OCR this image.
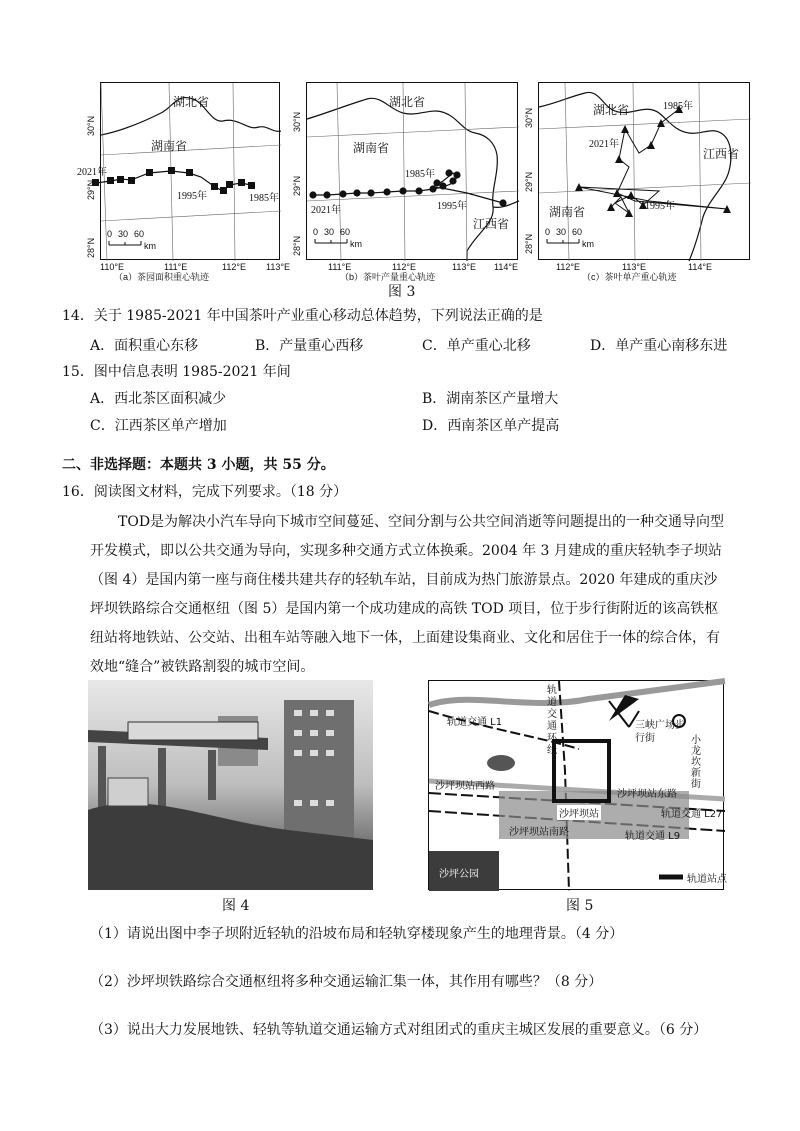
湖北省
湖南省
2021年
1995年	1985年
0 30 60
km
30°N
29°N
28°N
110°E	111°E	112°E 113°E
（a）茶园面积重心轨迹
湖北省
湖南省
江西省
1985年
2021年	1995年
0 30 60
km
30°N
29°N
28°N
111°E	112°E	113°E 114°E
（b）茶叶产量重心轨迹
湖北省
江西省
湖南省
1985年
2021年
1995年
0 30 60
km
30°N
29°N
28°N
112°E	113°E	114°E
（c）茶叶单产重心轨迹
图 3
14．关于 1985-2021 年中国茶叶产业重心移动总体趋势，下列说法正确的是
A．面积重心东移	B．产量重心西移	C．单产重心北移	D．单产重心南移东进
15．图中信息表明 1985-2021 年间
A．西北茶区面积减少	B．湖南茶区产量增大
C．江西茶区单产增加	D．西南茶区单产提高
二、非选择题：本题共 3 小题，共 55 分。
16．阅读图文材料，完成下列要求。（18 分）
TOD是为解决小汽车导向下城市空间蔓延、空间分割与公共空间消逝等问题提出的一种交通导向型开发模式，即以公共交通为导向，实现多种交通方式立体换乘。2004 年 3 月建成的重庆轻轨李子坝站（图 4）是国内第一座与商住楼共建共存的轻轨车站，目前成为热门旅游景点。2020 年建成的重庆沙坪坝铁路综合交通枢纽（图 5）是国内第一个成功建成的高铁 TOD 项目，位于步行街附近的该高铁枢纽站将地铁站、公交站、出租车站等融入地下一体，上面建设集商业、文化和居住于一体的综合体，有效地“缝合”被铁路割裂的城市空间。
图 4
轨道交通 L1
轨道交通环线
三峡广场步行街	小龙坎新街
沙坪坝站西路
沙坪坝站东路
沙坪坝站	轨道交通 L27
沙坪坝站南路	轨道交通 L9
沙坪公园	轨道站点
图 5
（1）请说出图中李子坝附近轻轨的沿坡布局和轻轨穿楼现象产生的地理背景。（4 分）
（2）沙坪坝铁路综合交通枢纽将多种交通运输汇集一体，其作用有哪些？（8 分）
（3）说出大力发展地铁、轻轨等轨道交通运输方式对组团式的重庆主城区发展的重要意义。（6 分）
